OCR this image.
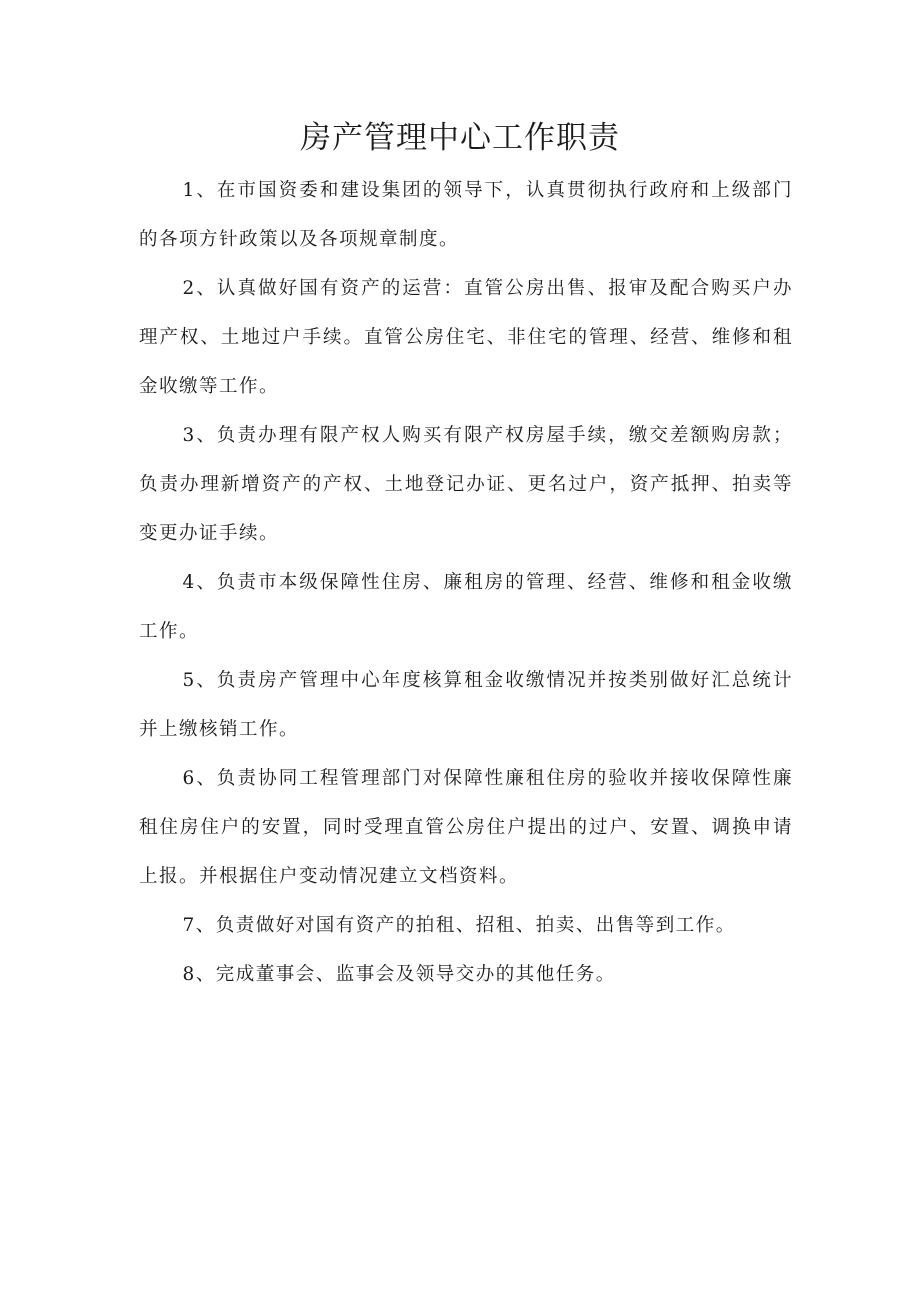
房产管理中心工作职责

1、在市国资委和建设集团的领导下，认真贯彻执行政府和上级部门的各项方针政策以及各项规章制度。

2、认真做好国有资产的运营：直管公房出售、报审及配合购买户办理产权、土地过户手续。直管公房住宅、非住宅的管理、经营、维修和租金收缴等工作。

3、负责办理有限产权人购买有限产权房屋手续，缴交差额购房款；负责办理新增资产的产权、土地登记办证、更名过户，资产抵押、拍卖等变更办证手续。

4、负责市本级保障性住房、廉租房的管理、经营、维修和租金收缴工作。

5、负责房产管理中心年度核算租金收缴情况并按类别做好汇总统计并上缴核销工作。

6、负责协同工程管理部门对保障性廉租住房的验收并接收保障性廉租住房住户的安置，同时受理直管公房住户提出的过户、安置、调换申请上报。并根据住户变动情况建立文档资料。

7、负责做好对国有资产的拍租、招租、拍卖、出售等到工作。

8、完成董事会、监事会及领导交办的其他任务。
